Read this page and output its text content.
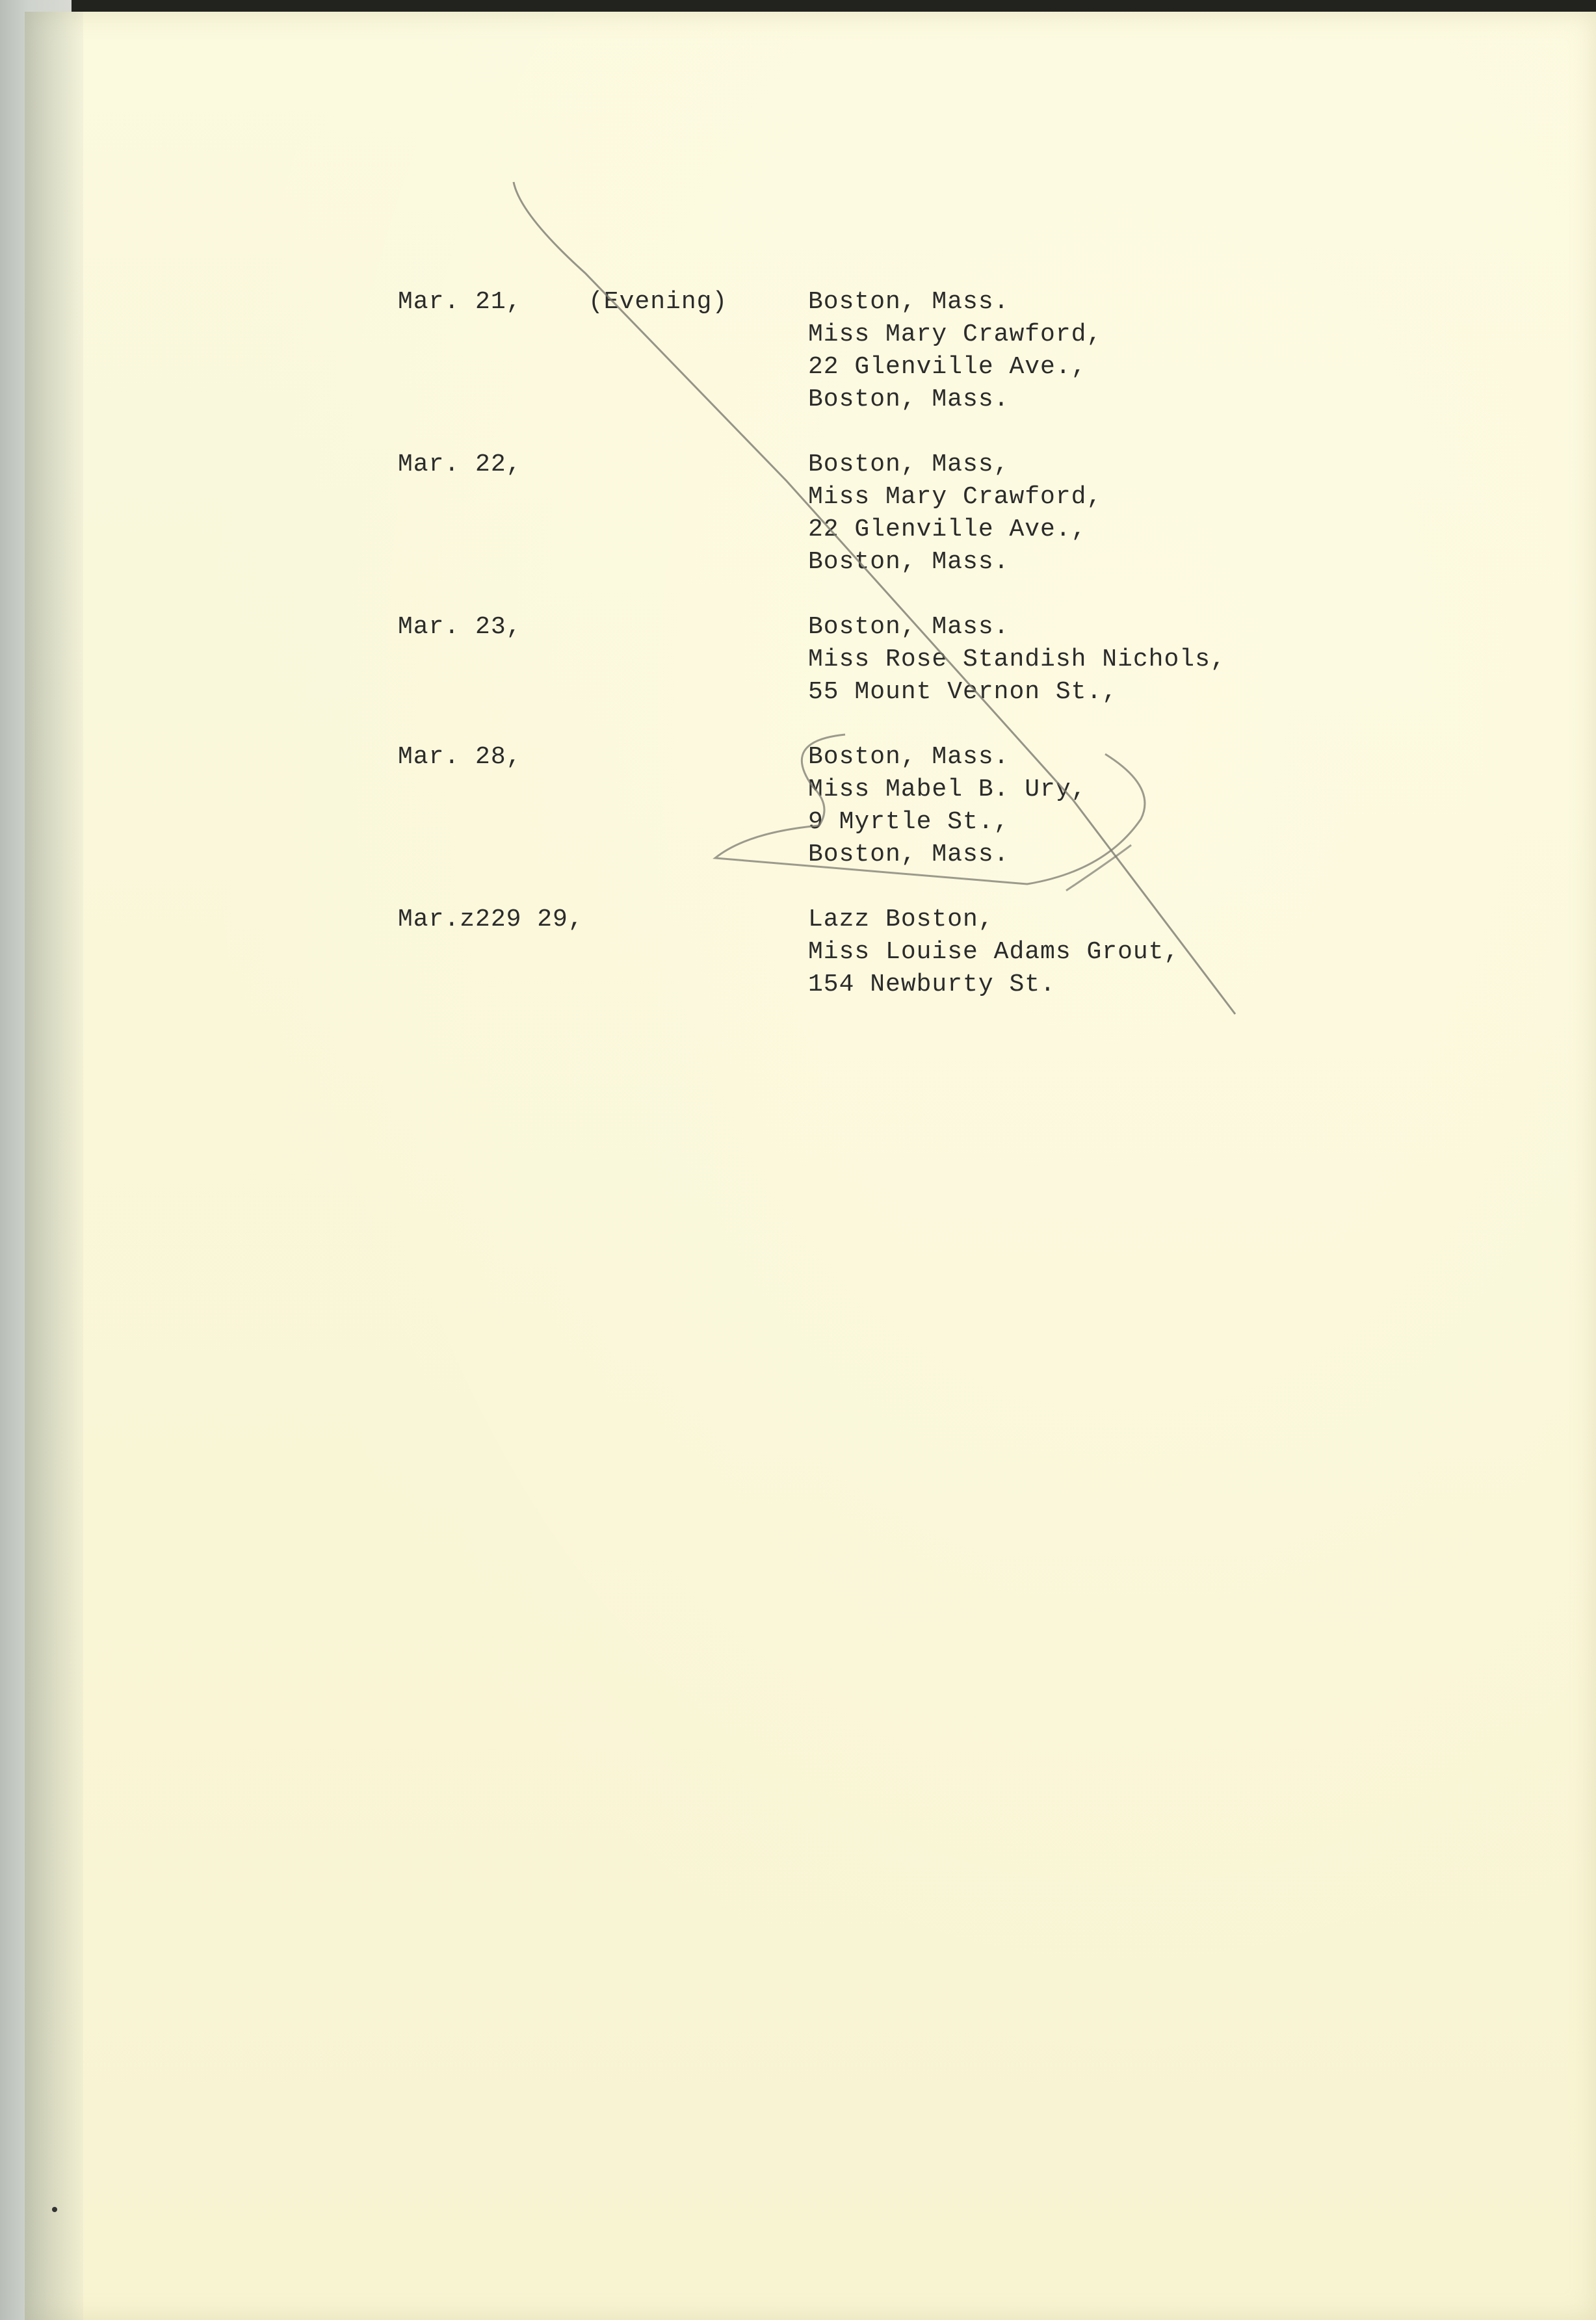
Mar. 21,	(Evening)	Boston, Mass.
Miss Mary Crawford,
22 Glenville Ave.,
Boston, Mass.
Mar. 22,	Boston, Mass,
Miss Mary Crawford,
22 Glenville Ave.,
Boston, Mass.
Mar. 23,	Boston, Mass.
Miss Rose Standish Nichols,
55 Mount Vernon St.,
Mar. 28,	Boston, Mass.
Miss Mabel B. Ury,
9 Myrtle St.,
Boston, Mass.
Mar.z229 29,	Lazz Boston,
Miss Louise Adams Grout,
154 Newburty St.
